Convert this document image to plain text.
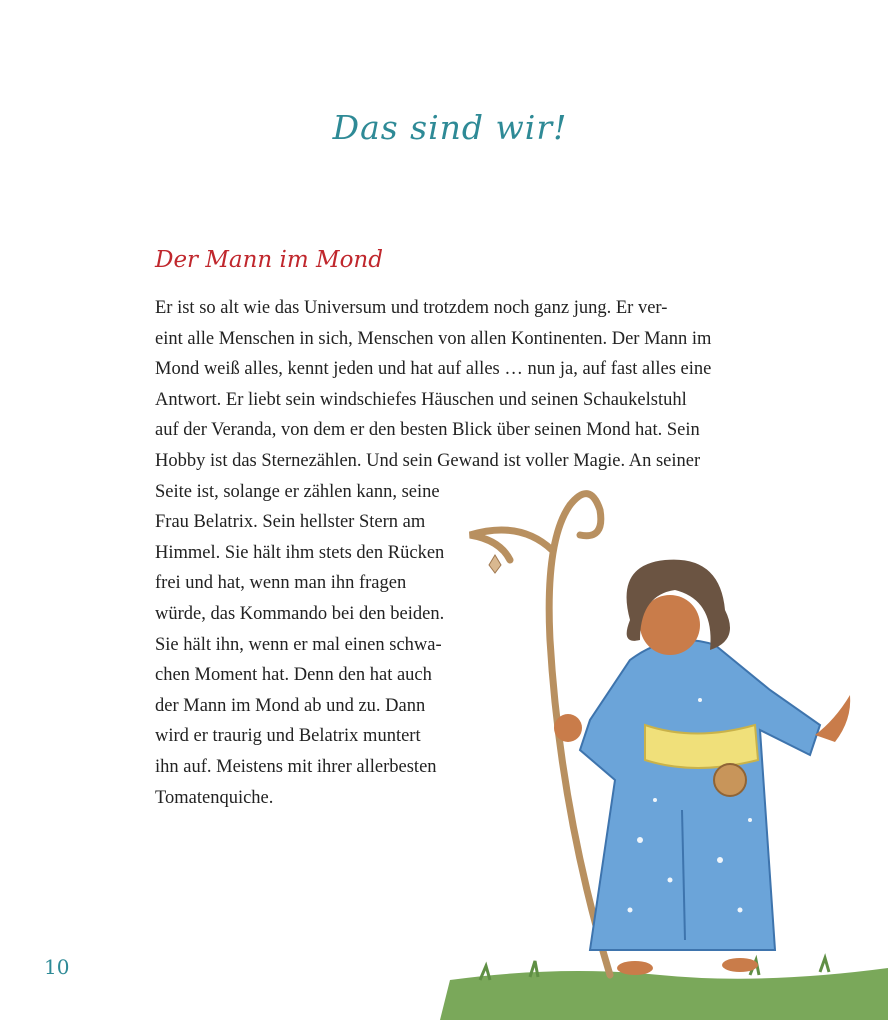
Das sind wir!
Der Mann im Mond
Er ist so alt wie das Universum und trotzdem noch ganz jung. Er ver-
eint alle Menschen in sich, Menschen von allen Kontinenten. Der Mann im
Mond weiß alles, kennt jeden und hat auf alles … nun ja, auf fast alles eine
Antwort. Er liebt sein windschiefes Häuschen und seinen Schaukelstuhl
auf der Veranda, von dem er den besten Blick über seinen Mond hat. Sein
Hobby ist das Sternezählen. Und sein Gewand ist voller Magie. An seiner
Seite ist, solange er zählen kann, seine
Frau Belatrix. Sein hellster Stern am
Himmel. Sie hält ihm stets den Rücken
frei und hat, wenn man ihn fragen
würde, das Kommando bei den beiden.
Sie hält ihn, wenn er mal einen schwa-
chen Moment hat. Denn den hat auch
der Mann im Mond ab und zu. Dann
wird er traurig und Belatrix muntert
ihn auf. Meistens mit ihrer allerbesten
Tomatenquiche.
10
